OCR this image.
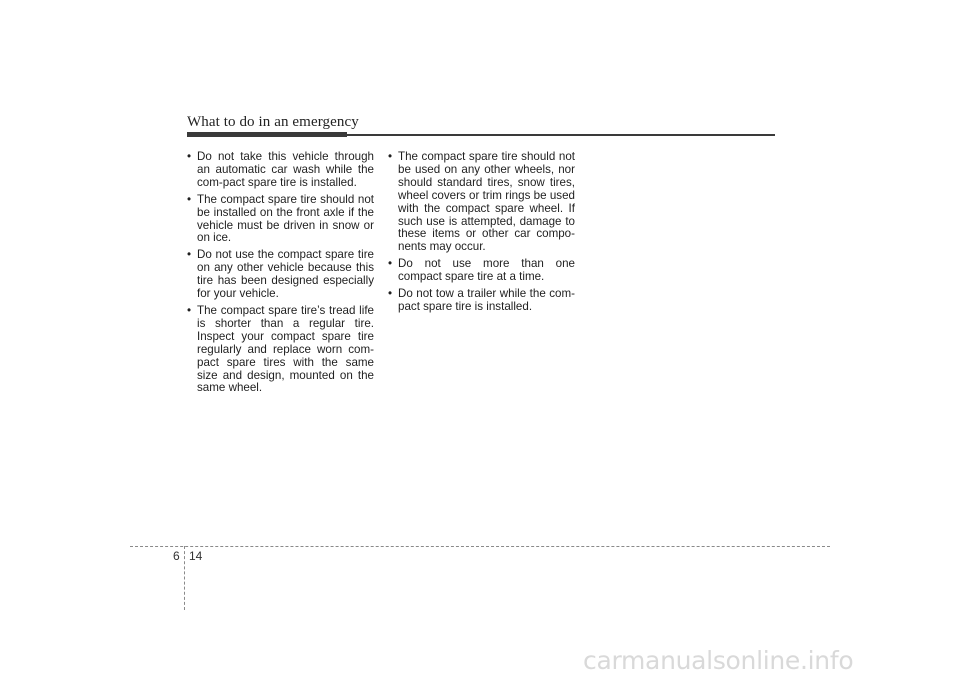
What to do in an emergency
• Do not take this vehicle through an automatic car wash while the com-pact spare tire is installed.
• The compact spare tire should not be installed on the front axle if the vehicle must be driven in snow or on ice.
• Do not use the compact spare tire on any other vehicle because this tire has been designed especially for your vehicle.
• The compact spare tire’s tread life is shorter than a regular tire. Inspect your compact spare tire regularly and replace worn com-pact spare tires with the same size and design, mounted on the same wheel.
• The compact spare tire should not be used on any other wheels, nor should standard tires, snow tires, wheel covers or trim rings be used with the compact spare wheel. If such use is attempted, damage to these items or other car compo-nents may occur.
• Do not use more than one compact spare tire at a time.
• Do not tow a trailer while the com-pact spare tire is installed.
6 14
carmanualsonline.info
